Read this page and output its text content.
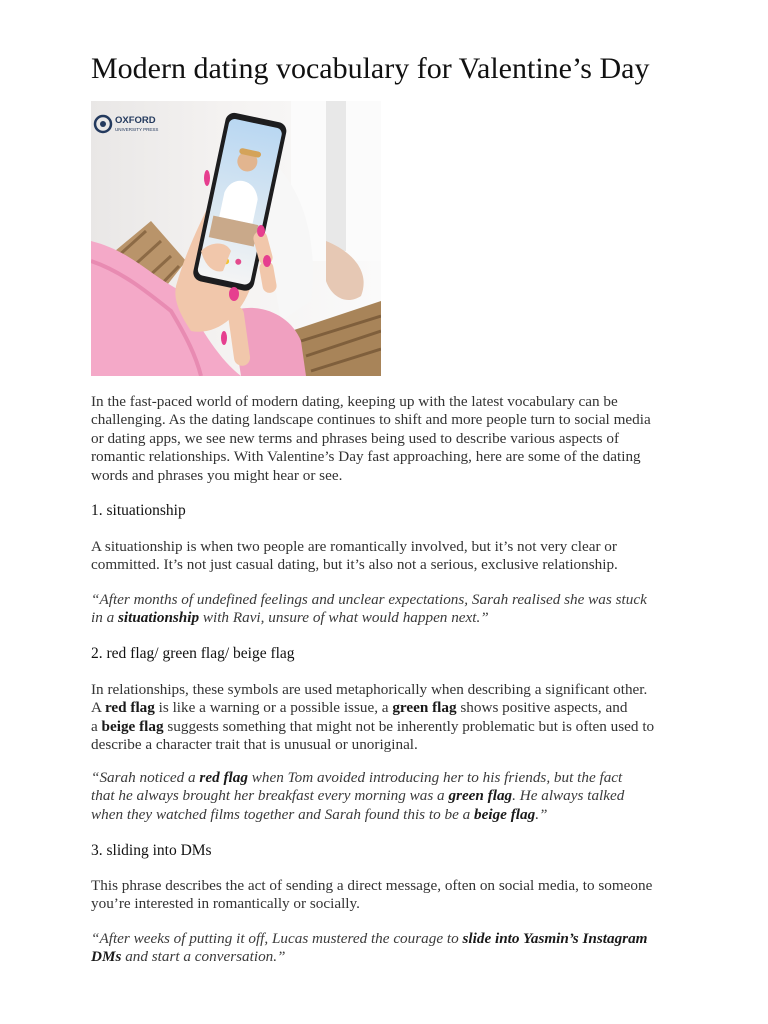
Modern dating vocabulary for Valentine’s Day
OXFORD
UNIVERSITY PRESS
In the fast-paced world of modern dating, keeping up with the latest vocabulary can be
challenging. As the dating landscape continues to shift and more people turn to social media
or dating apps, we see new terms and phrases being used to describe various aspects of
romantic relationships. With Valentine’s Day fast approaching, here are some of the dating
words and phrases you might hear or see.
1. situationship
A situationship is when two people are romantically involved, but it’s not very clear or
committed. It’s not just casual dating, but it’s also not a serious, exclusive relationship.
“After months of undefined feelings and unclear expectations, Sarah realised she was stuck
in a situationship with Ravi, unsure of what would happen next.”
2. red flag/ green flag/ beige flag
In relationships, these symbols are used metaphorically when describing a significant other.
A red flag is like a warning or a possible issue, a green flag shows positive aspects, and
a beige flag suggests something that might not be inherently problematic but is often used to
describe a character trait that is unusual or unoriginal.
“Sarah noticed a red flag when Tom avoided introducing her to his friends, but the fact
that he always brought her breakfast every morning was a green flag. He always talked
when they watched films together and Sarah found this to be a beige flag.”
3. sliding into DMs
This phrase describes the act of sending a direct message, often on social media, to someone
you’re interested in romantically or socially.
“After weeks of putting it off, Lucas mustered the courage to slide into Yasmin’s Instagram
DMs and start a conversation.”
